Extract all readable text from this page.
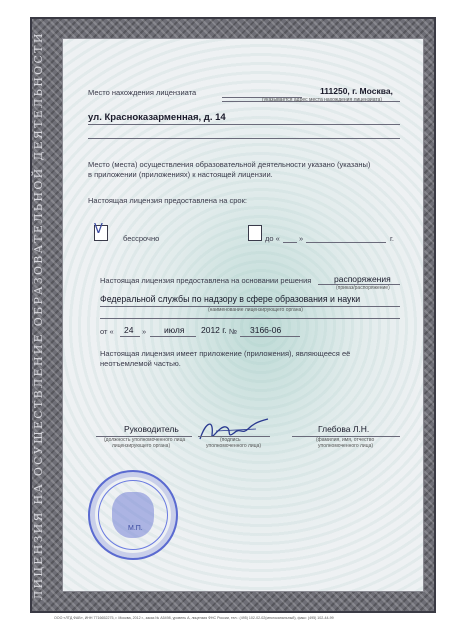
ЛИЦЕНЗИЯ НА ОСУЩЕСТВЛЕНИЕ ОБРАЗОВАТЕЛЬНОЙ ДЕЯТЕЛЬНОСТИ	Место нахождения лицензиата	111250, г. Москва,
(указывается адрес места нахождения лицензиата)
ул. Красноказарменная, д. 14
Место (места) осуществления образовательной деятельности указано (указаны)
в приложении (приложениях) к настоящей лицензии.
Настоящая лицензия предоставлена на срок:
V
бессрочно	до «	»	г.
Настоящая лицензия предоставлена на основании решения	распоряжения
(приказ/распоряжение)
Федеральной службы по надзору в сфере образования и науки
(наименование лицензирующего органа)
от « 24 » июля 2012 г. № 3166-06
Настоящая лицензия имеет приложение (приложения), являющееся её
неотъемлемой частью.
Руководитель
(должность уполномоченного лица
лицензирующего органа)
(подпись
уполномоченного лица)
Глебова Л.Н.
(фамилия, имя, отчество
уполномоченного лица)
М.П.
ООО «ЛТД ФАВ», ИНН 7716652275, г. Москва, 2012 г., заказ № А5498, уровень А, лицензия ФНС России, тел.: (495) 102-02-02(многоканальный), факс: (495) 102-44-99
